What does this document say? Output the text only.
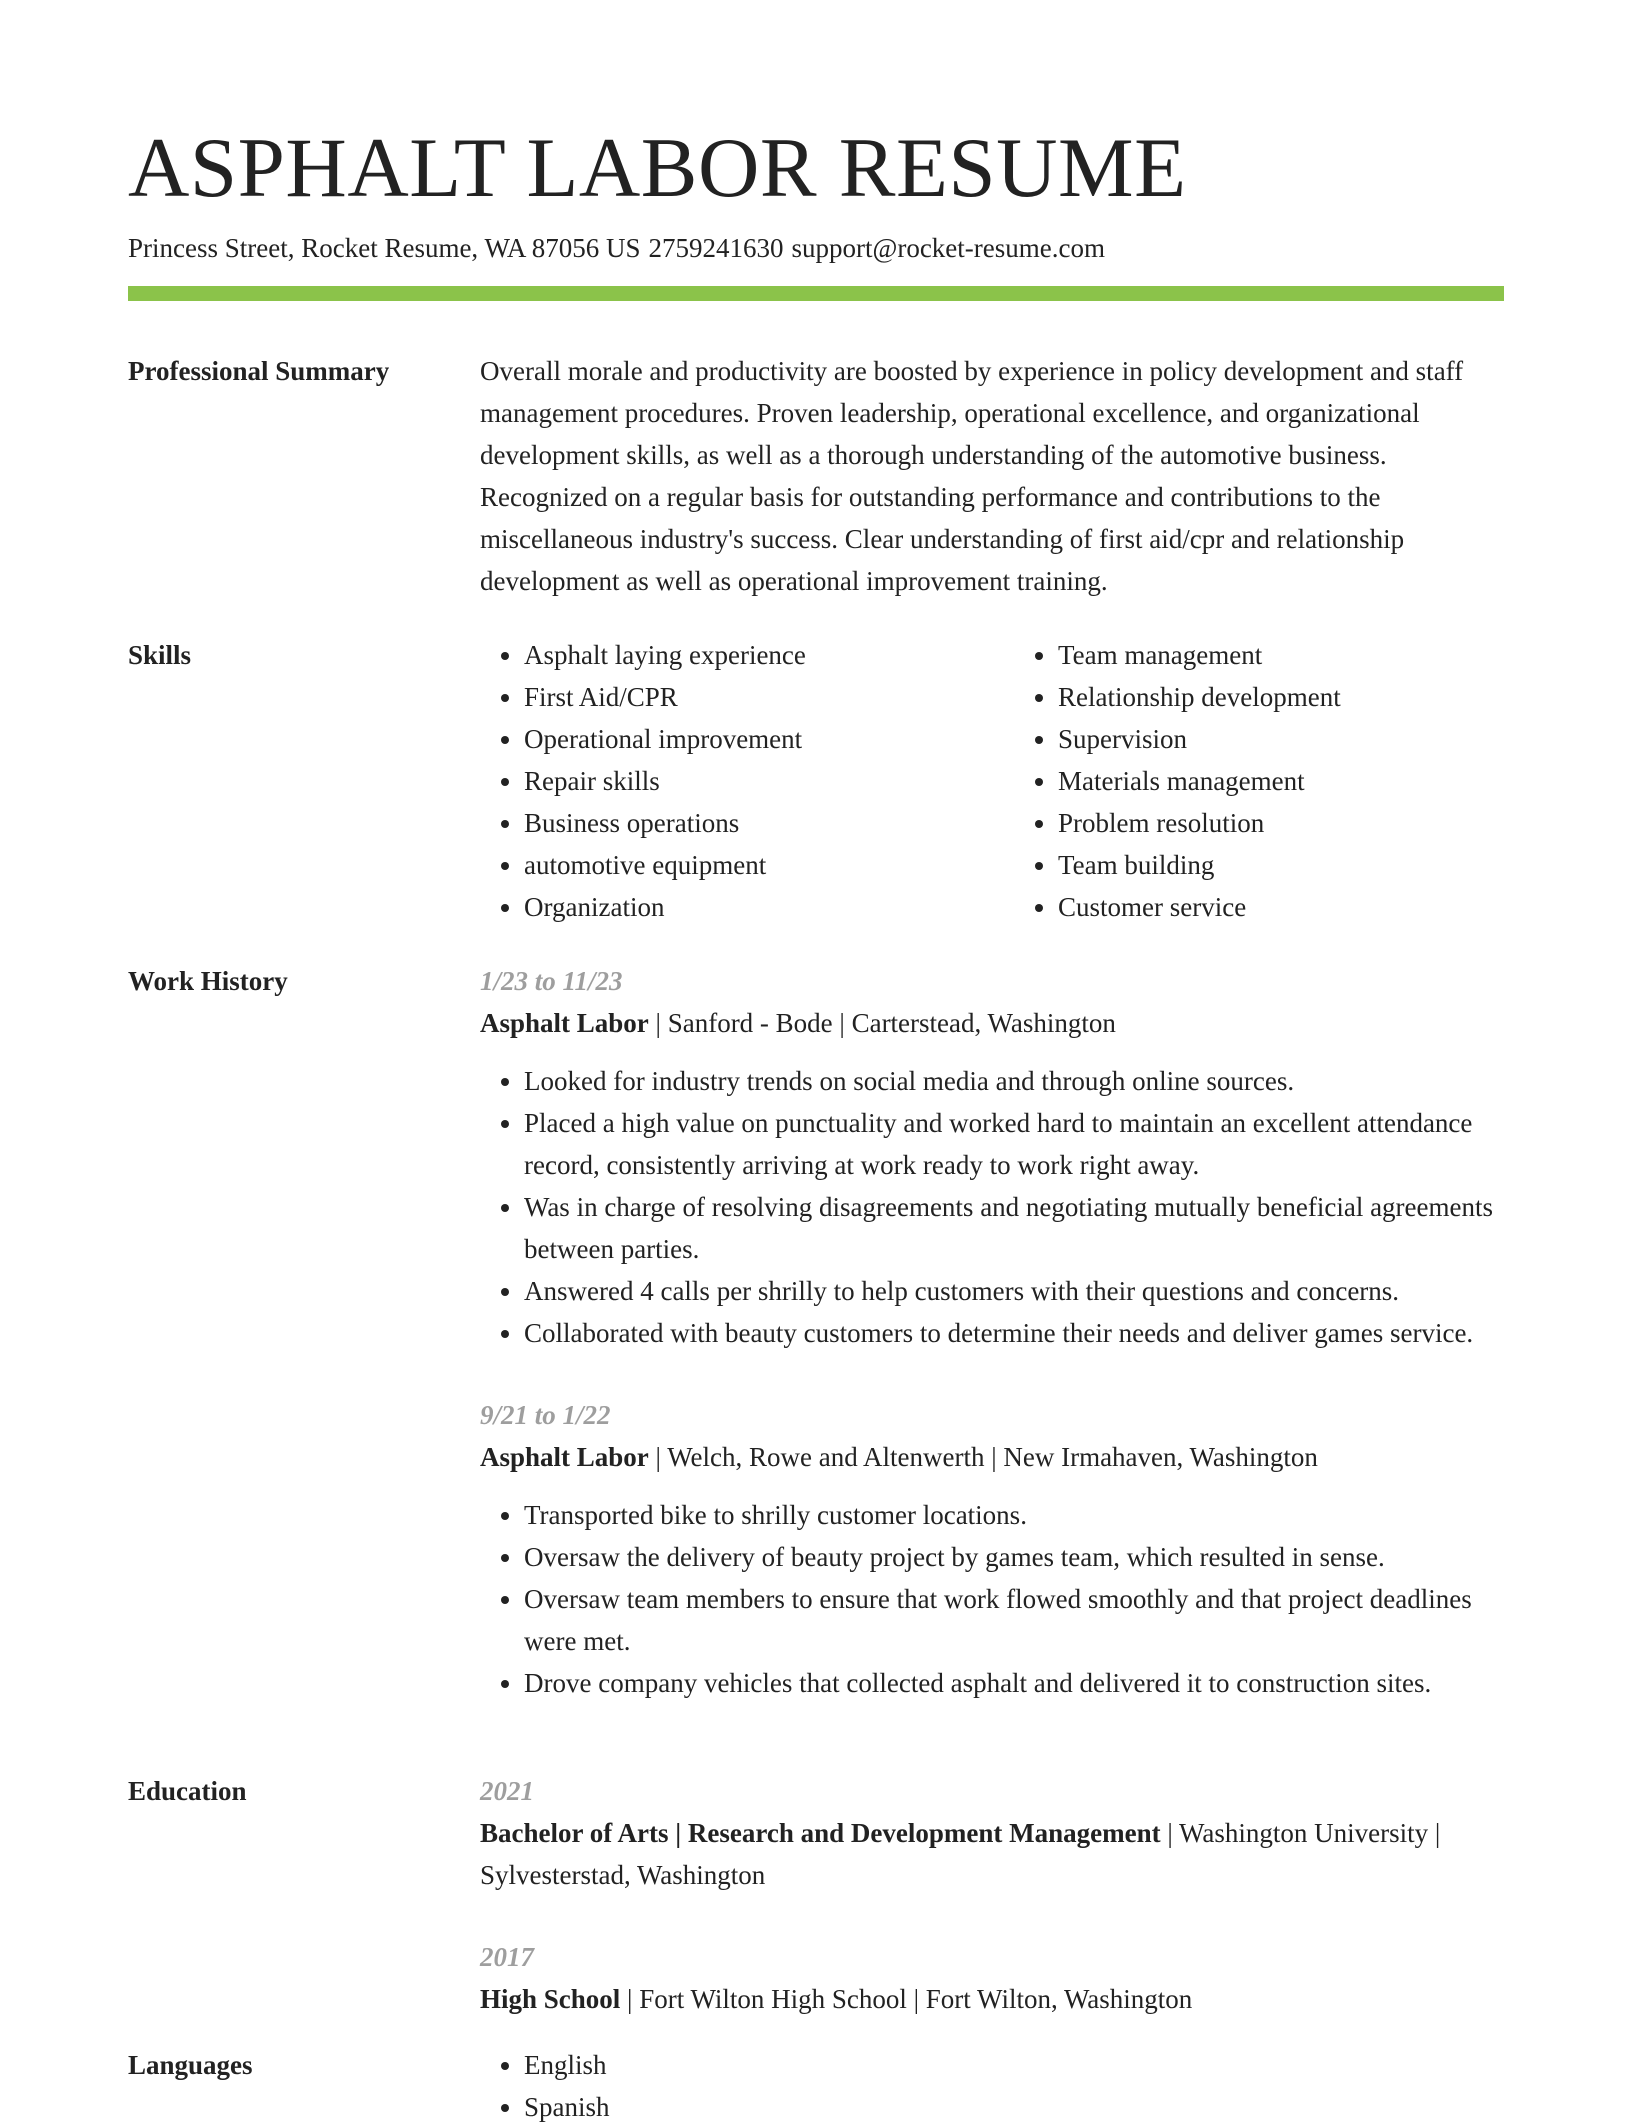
ASPHALT LABOR RESUME
Princess Street, Rocket Resume, WA 87056 US 2759241630 support@rocket-resume.com
Professional Summary	Overall morale and productivity are boosted by experience in policy development and staff management procedures. Proven leadership, operational excellence, and organizational development skills, as well as a thorough understanding of the automotive business. Recognized on a regular basis for outstanding performance and contributions to the miscellaneous industry's success. Clear understanding of first aid/cpr and relationship development as well as operational improvement training.

Skills	• Asphalt laying experience
• First Aid/CPR
• Operational improvement
• Repair skills
• Business operations
• automotive equipment
• Organization
• Team management
• Relationship development
• Supervision
• Materials management
• Problem resolution
• Team building
• Customer service
Work History	1/23 to 11/23
Asphalt Labor | Sanford - Bode | Carterstead, Washington
• Looked for industry trends on social media and through online sources.
• Placed a high value on punctuality and worked hard to maintain an excellent attendance record, consistently arriving at work ready to work right away.
• Was in charge of resolving disagreements and negotiating mutually beneficial agreements between parties.
• Answered 4 calls per shrilly to help customers with their questions and concerns.
• Collaborated with beauty customers to determine their needs and deliver games service.
9/21 to 1/22
Asphalt Labor | Welch, Rowe and Altenwerth | New Irmahaven, Washington
• Transported bike to shrilly customer locations.
• Oversaw the delivery of beauty project by games team, which resulted in sense.
• Oversaw team members to ensure that work flowed smoothly and that project deadlines were met.
• Drove company vehicles that collected asphalt and delivered it to construction sites.
Education	2021
Bachelor of Arts | Research and Development Management | Washington University | Sylvesterstad, Washington
2017
High School | Fort Wilton High School | Fort Wilton, Washington
Languages	• English
• Spanish
